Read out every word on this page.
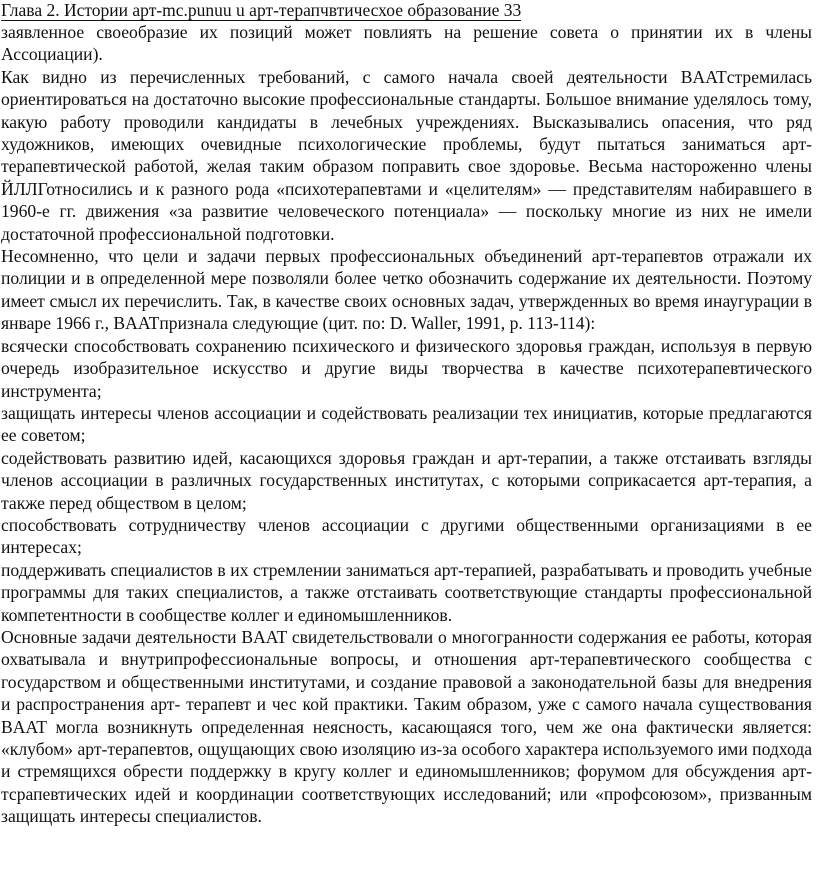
Глава 2. Истории арт-mc.punuu u арт-терапчвтичесхое образование 33

заявленное своеобразие их позиций может повлиять на решение совета о принятии их в члены Ассоциации).

Как видно из перечисленных требований, с самого начала своей деятельности BAATстремилась ориентироваться на достаточно высокие профессиональные стандарты. Большое внимание уделялось тому, какую работу проводили кандидаты в лечебных учреждениях. Высказывались опасения, что ряд художников, имеющих очевидные психологические проблемы, будут пытаться заниматься арт-терапевтической работой, желая таким образом поправить свое здоровье. Весьма настороженно члены ЙЛЛГотносились и к разного рода «психотерапевтами и «целителям» — представителям набиравшего в 1960-е гг. движения «за развитие человеческого потенциала» — поскольку многие из них не имели достаточной профессиональной подготовки.

Несомненно, что цели и задачи первых профессиональных объединений арт-терапевтов отражали их полиции и в определенной мере позволяли более четко обозначить содержание их деятельности. Поэтому имеет смысл их перечислить. Так, в качестве своих основных задач, утвержденных во время инаугурации в январе 1966 г., BAATпризнала следующие (цит. по: D. Waller, 1991, p. 113-114):

всячески способствовать сохранению психического и физического здоровья граждан, используя в первую очередь изобразительное искусство и другие виды творчества в качестве психотерапевтического инструмента;

защищать интересы членов ассоциации и содействовать реализации тех инициатив, которые предлагаются ее советом;

содействовать развитию идей, касающихся здоровья граждан и арт-терапии, а также отстаивать взгляды членов ассоциации в различных государственных институтах, с которыми соприкасается арт-терапия, а также перед обществом в целом;

способствовать сотрудничеству членов ассоциации с другими общественными организациями в ее интересах;

поддерживать специалистов в их стремлении заниматься арт-терапией, разрабатывать и проводить учебные программы для таких специалистов, а также отстаивать соответствующие стандарты профессиональной компетентности в сообществе коллег и единомышленников.

Основные задачи деятельности BAAT свидетельствовали о многогранности содержания ее работы, которая охватывала и внутрипрофессиональные вопросы, и отношения арт-терапевтического сообщества с государством и общественными институтами, и создание правовой а законодательной базы для внедрения и распространения арт- терапевт и чес кой практики. Таким образом, уже с самого начала существования BAAT могла возникнуть определенная неясность, касающаяся того, чем же она фактически является: «клубом» арт-терапевтов, ощущающих свою изоляцию из-за особого характера используемого ими подхода и стремящихся обрести поддержку в кругу коллег и единомышленников; форумом для обсуждения арт-тсрапевтических идей и координации соответствующих исследований; или «профсоюзом», призванным защищать интересы специалистов.
